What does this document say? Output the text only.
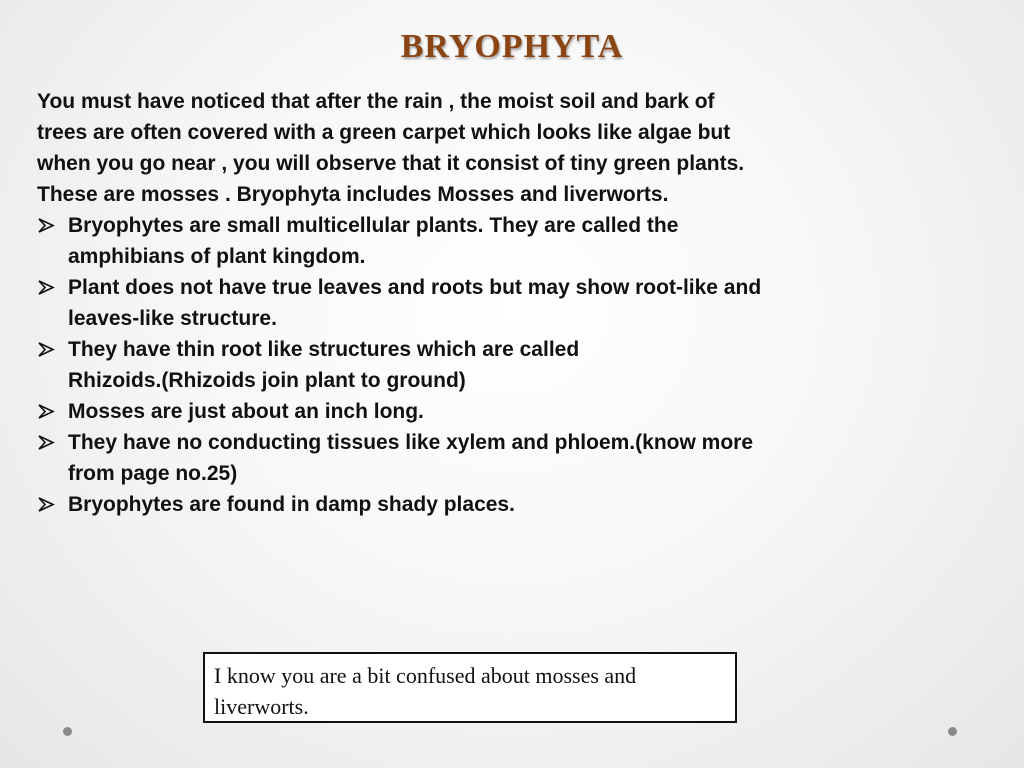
BRYOPHYTA

You must have noticed that after the rain , the moist soil and bark of
trees are often covered with a green carpet which looks like algae but
when you go near , you will observe that it consist of tiny green plants.
These are mosses . Bryophyta includes Mosses and liverworts.

Bryophytes are small multicellular plants. They are called the
amphibians of plant kingdom.
Plant does not have true leaves and roots but may show root-like and
leaves-like structure.
They have thin root like structures which are called
Rhizoids.(Rhizoids join plant to ground)
Mosses are just about an inch long.
They have no conducting tissues like xylem and phloem.(know more
from page no.25)
Bryophytes are found in damp shady places.
I know you are a bit confused about mosses and
liverworts.
